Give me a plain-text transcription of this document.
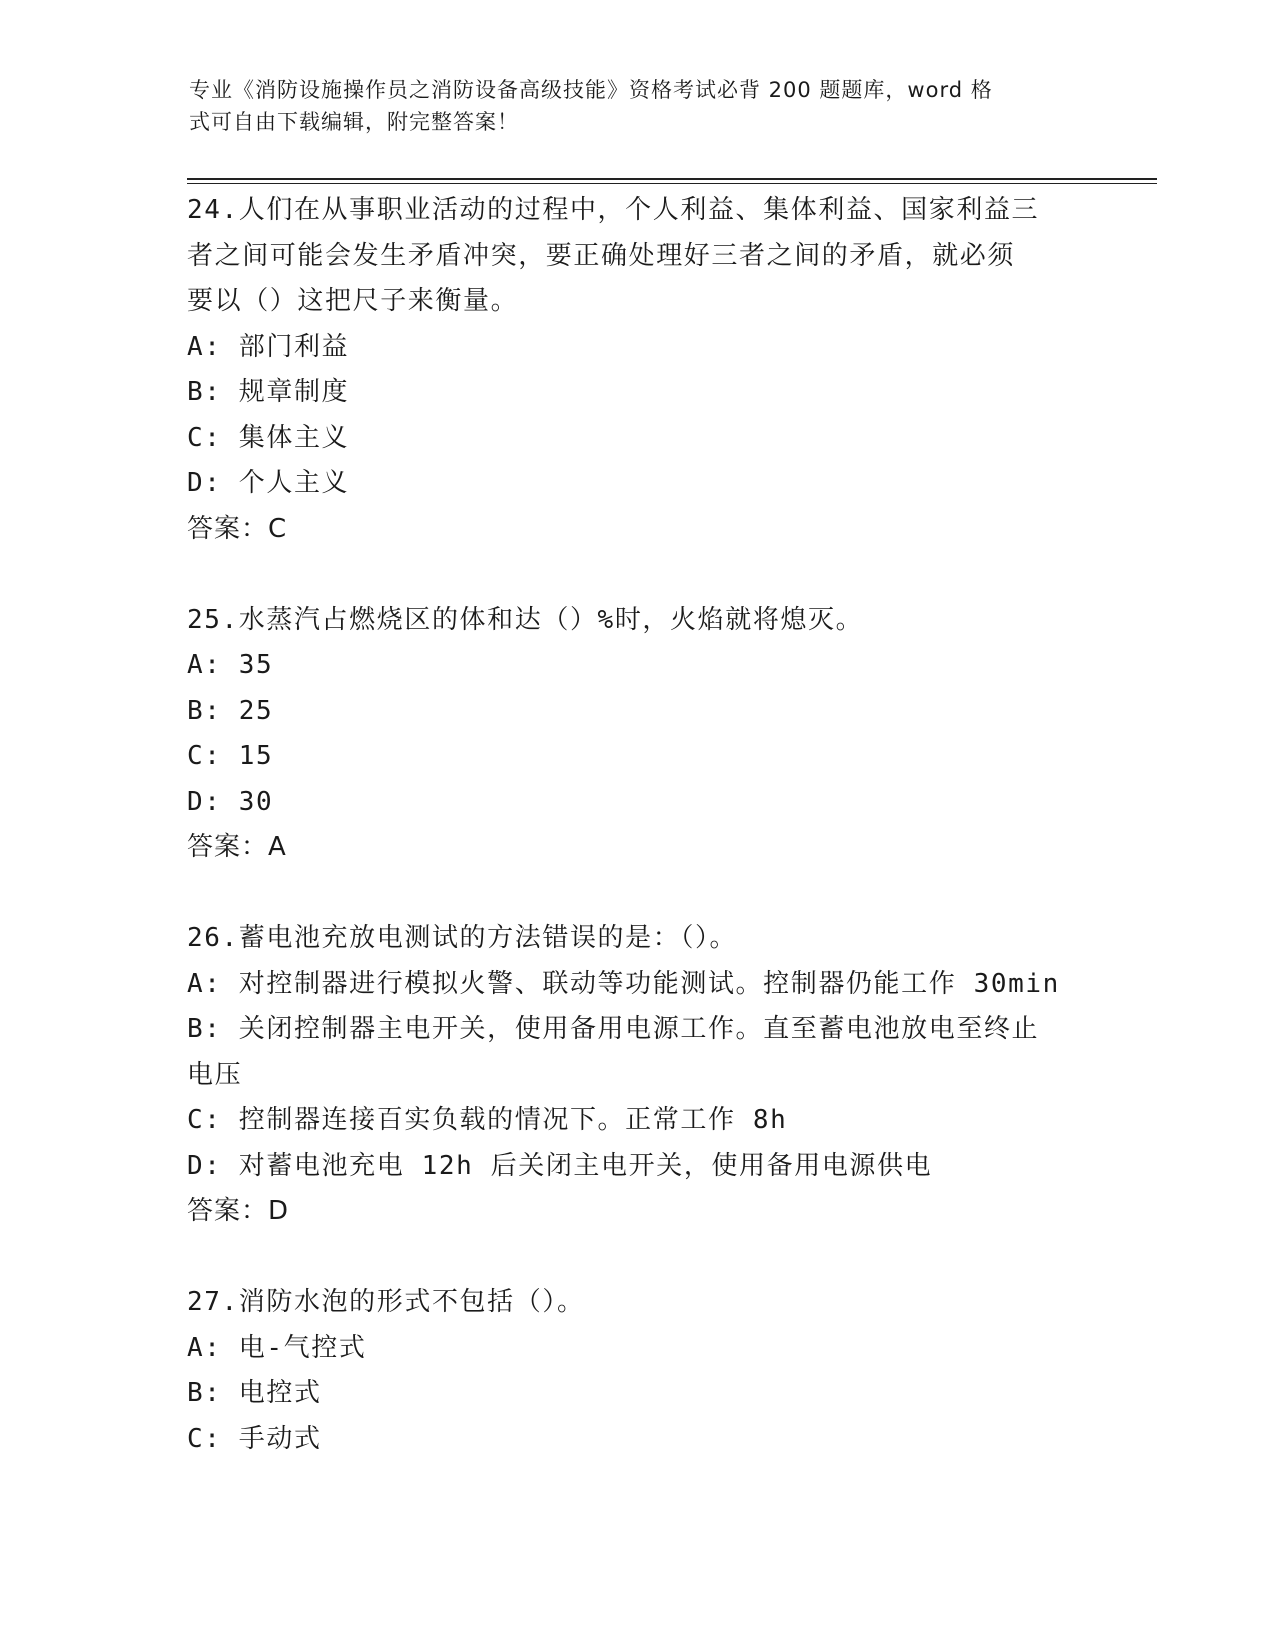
专业《消防设施操作员之消防设备高级技能》资格考试必背 200 题题库，word 格
式可自由下载编辑，附完整答案！
24.人们在从事职业活动的过程中，个人利益、集体利益、国家利益三
者之间可能会发生矛盾冲突，要正确处理好三者之间的矛盾，就必须
要以（）这把尺子来衡量。
A: 部门利益
B: 规章制度
C: 集体主义
D: 个人主义
答案：C
25.水蒸汽占燃烧区的体和达（）%时，火焰就将熄灭。
A: 35
B: 25
C: 15
D: 30
答案：A
26.蓄电池充放电测试的方法错误的是：（）。
A: 对控制器进行模拟火警、联动等功能测试。控制器仍能工作 30min
B: 关闭控制器主电开关，使用备用电源工作。直至蓄电池放电至终止
电压
C: 控制器连接百实负载的情况下。正常工作 8h
D: 对蓄电池充电 12h 后关闭主电开关，使用备用电源供电
答案：D
27.消防水泡的形式不包括（）。
A: 电-气控式
B: 电控式
C: 手动式
